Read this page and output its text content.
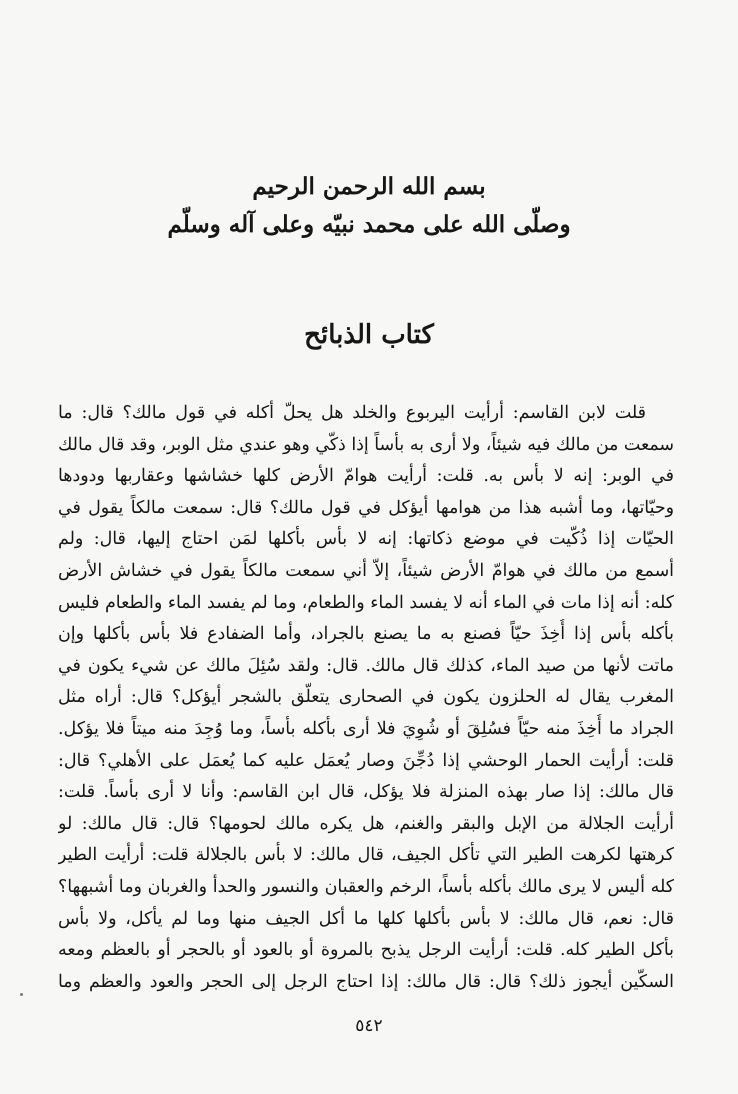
بسم الله الرحمن الرحيم
وصلّى الله على محمد نبيّه وعلى آله وسلّم
كتاب الذبائح
قلت لابن القاسم: أرأيت اليربوع والخلد هل يحلّ أكله في قول مالك؟ قال: ما
سمعت من مالك فيه شيئاً، ولا أرى به بأساً إذا ذكّي وهو عندي مثل الوبر، وقد قال مالك
في الوبر: إنه لا بأس به. قلت: أرأيت هوامّ الأرض كلها خشاشها وعقاربها ودودها
وحيّاتها، وما أشبه هذا من هوامها أيؤكل في قول مالك؟ قال: سمعت مالكاً يقول في
الحيّات إذا ذُكّيت في موضع ذكاتها: إنه لا بأس بأكلها لمَن احتاج إليها، قال: ولم
أسمع من مالك في هوامّ الأرض شيئاً، إلاّ أني سمعت مالكاً يقول في خشاش الأرض
كله: أنه إذا مات في الماء أنه لا يفسد الماء والطعام، وما لم يفسد الماء والطعام فليس
بأكله بأس إذا أُخِذَ حيّاً فصنع به ما يصنع بالجراد، وأما الضفادع فلا بأس بأكلها وإن
ماتت لأنها من صيد الماء، كذلك قال مالك. قال: ولقد سُئِلَ مالك عن شيء يكون في
المغرب يقال له الحلزون يكون في الصحارى يتعلّق بالشجر أيؤكل؟ قال: أراه مثل
الجراد ما أُخِذَ منه حيّاً فسُلِقَ أو شُوِيَ فلا أرى بأكله بأساً، وما وُجِدَ منه ميتاً فلا يؤكل.
قلت: أرأيت الحمار الوحشي إذا دُجِّنَ وصار يُعمَل عليه كما يُعمَل على الأهلي؟ قال:
قال مالك: إذا صار بهذه المنزلة فلا يؤكل، قال ابن القاسم: وأنا لا أرى بأساً. قلت:
أرأيت الجلالة من الإبل والبقر والغنم، هل يكره مالك لحومها؟ قال: قال مالك: لو
كرهتها لكرهت الطير التي تأكل الجيف، قال مالك: لا بأس بالجلالة قلت: أرأيت الطير
كله أليس لا يرى مالك بأكله بأساً، الرخم والعقبان والنسور والحدأ والغربان وما أشبهها؟
قال: نعم، قال مالك: لا بأس بأكلها كلها ما أكل الجيف منها وما لم يأكل، ولا بأس
بأكل الطير كله. قلت: أرأيت الرجل يذبح بالمروة أو بالعود أو بالحجر أو بالعظم ومعه
السكّين أيجوز ذلك؟ قال: قال مالك: إذا احتاج الرجل إلى الحجر والعود والعظم وما
٥٤٢
